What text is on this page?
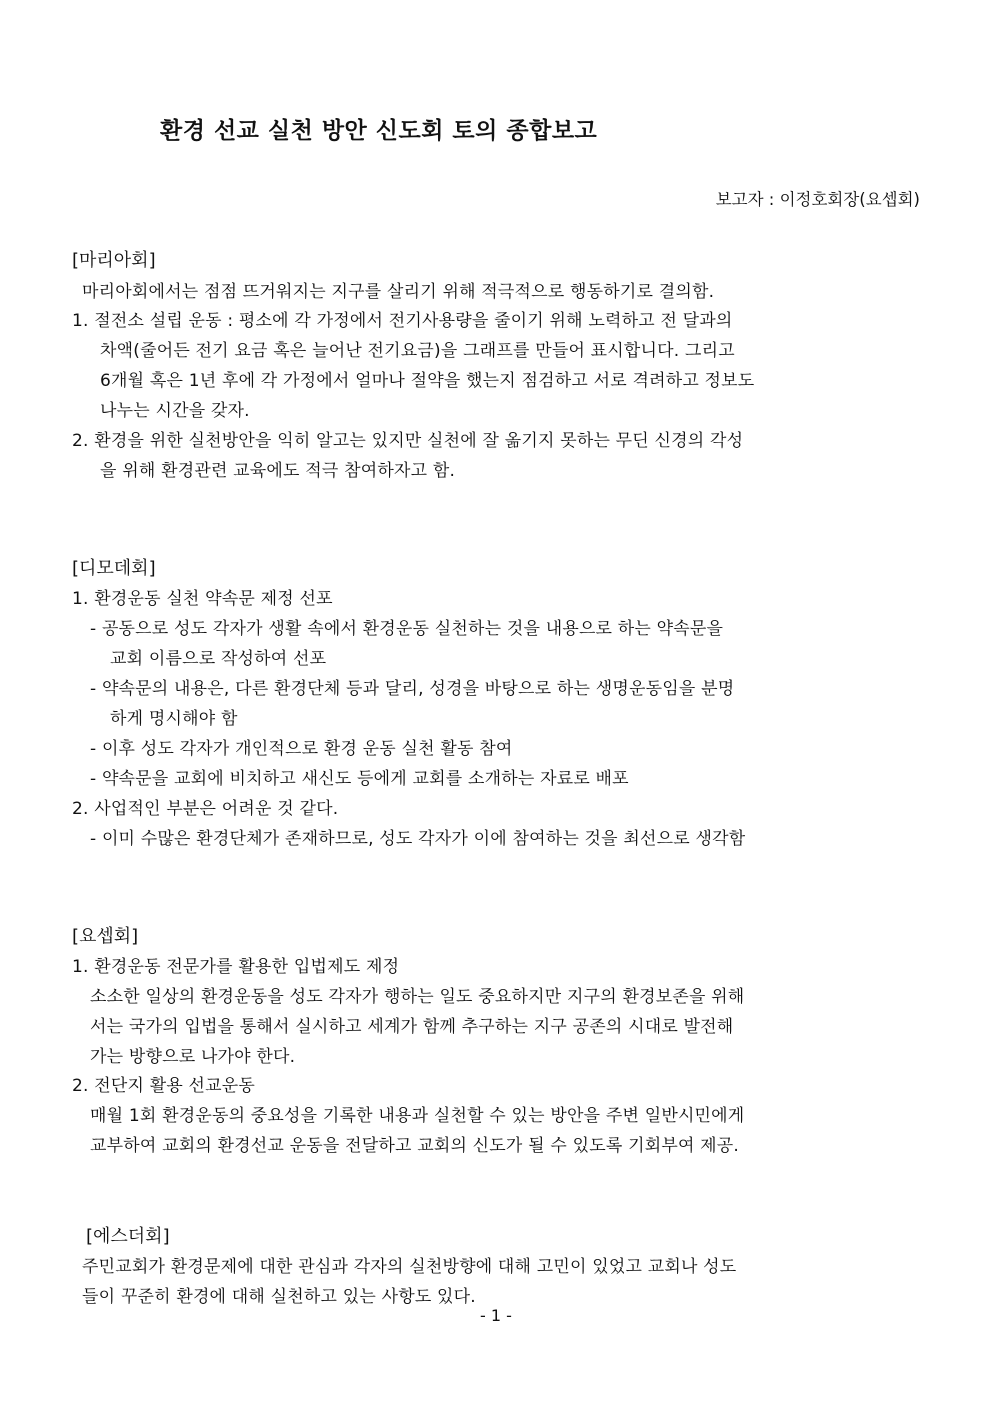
환경 선교 실천 방안 신도회 토의 종합보고
보고자 : 이정호회장(요셉회)
[마리아회]
마리아회에서는 점점 뜨거워지는 지구를 살리기 위해 적극적으로 행동하기로 결의함.
1. 절전소 설립 운동 : 평소에 각 가정에서 전기사용량을 줄이기 위해 노력하고 전 달과의
차액(줄어든 전기 요금 혹은 늘어난 전기요금)을 그래프를 만들어 표시합니다. 그리고
6개월 혹은 1년 후에 각 가정에서 얼마나 절약을 했는지 점검하고 서로 격려하고 정보도
나누는 시간을 갖자.
2. 환경을 위한 실천방안을 익히 알고는 있지만 실천에 잘 옮기지 못하는 무딘 신경의 각성
을 위해 환경관련 교육에도 적극 참여하자고 함.
[디모데회]
1. 환경운동 실천 약속문 제정 선포
- 공동으로 성도 각자가 생활 속에서 환경운동 실천하는 것을 내용으로 하는 약속문을
교회 이름으로 작성하여 선포
- 약속문의 내용은, 다른 환경단체 등과 달리, 성경을 바탕으로 하는 생명운동임을 분명
하게 명시해야 함
- 이후 성도 각자가 개인적으로 환경 운동 실천 활동 참여
- 약속문을 교회에 비치하고 새신도 등에게 교회를 소개하는 자료로 배포
2. 사업적인 부분은 어려운 것 같다.
- 이미 수많은 환경단체가 존재하므로, 성도 각자가 이에 참여하는 것을 최선으로 생각함
[요셉회]
1. 환경운동 전문가를 활용한 입법제도 제정
소소한 일상의 환경운동을 성도 각자가 행하는 일도 중요하지만 지구의 환경보존을 위해
서는 국가의 입법을 통해서 실시하고 세계가 함께 추구하는 지구 공존의 시대로 발전해
가는 방향으로 나가야 한다.
2. 전단지 활용 선교운동
매월 1회 환경운동의 중요성을 기록한 내용과 실천할 수 있는 방안을 주변 일반시민에게
교부하여 교회의 환경선교 운동을 전달하고 교회의 신도가 될 수 있도록 기회부여 제공.
[에스더회]
주민교회가 환경문제에 대한 관심과 각자의 실천방향에 대해 고민이 있었고 교회나 성도
들이 꾸준히 환경에 대해 실천하고 있는 사항도 있다.
- 1 -
